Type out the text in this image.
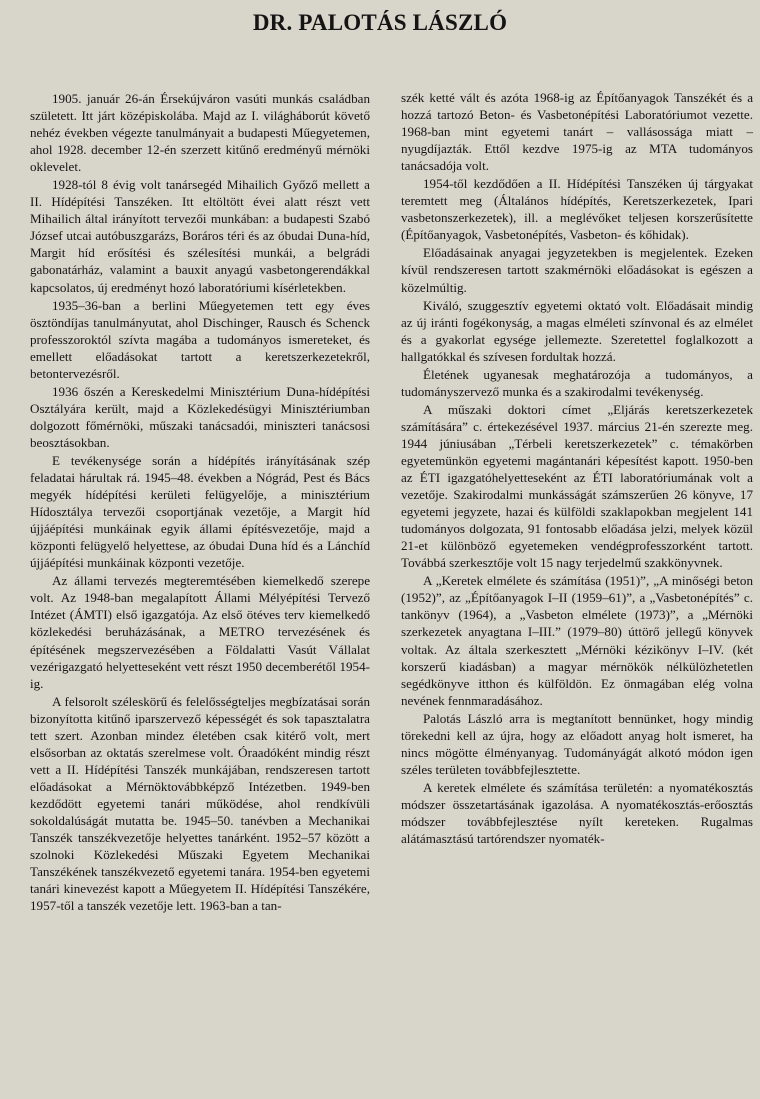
DR. PALOTÁS LÁSZLÓ

1905. január 26-án Érsekújváron vasúti munkás családban született. Itt járt középiskolába. Majd az I. világháborút követő nehéz években végezte tanulmányait a budapesti Műegyetemen, ahol 1928. december 12-én szerzett kitűnő eredményű mérnöki oklevelet.

1928-tól 8 évig volt tanársegéd Mihailich Győző mellett a II. Hídépítési Tanszéken. Itt eltöltött évei alatt részt vett Mihailich által irányított tervezői munkában: a budapesti Szabó József utcai autóbuszgarázs, Boráros téri és az óbudai Duna-híd, Margit híd erősítési és szélesítési munkái, a belgrádi gabonatárház, valamint a bauxit anyagú vasbetongerendákkal kapcsolatos, új eredményt hozó laboratóriumi kísérletekben.

1935–36-ban a berlini Műegyetemen tett egy éves ösztöndíjas tanulmányutat, ahol Dischinger, Rausch és Schenck professzoroktól szívta magába a tudományos ismereteket, és emellett előadásokat tartott a keretszerkezetekről, betontervezésről.

1936 őszén a Kereskedelmi Minisztérium Duna-hídépítési Osztályára került, majd a Közlekedésügyi Minisztériumban dolgozott főmérnöki, műszaki tanácsadói, miniszteri tanácsosi beosztásokban.

E tevékenysége során a hídépítés irányításának szép feladatai hárultak rá. 1945–48. években a Nógrád, Pest és Bács megyék hídépítési kerületi felügyelője, a minisztérium Hídosztálya tervezői csoportjának vezetője, a Margit híd újjáépítési munkáinak egyik állami építésvezetője, majd a központi felügyelő helyettese, az óbudai Duna híd és a Lánchíd újjáépítési munkáinak központi vezetője.

Az állami tervezés megteremtésében kiemelkedő szerepe volt. Az 1948-ban megalapított Állami Mélyépítési Tervező Intézet (ÁMTI) első igazgatója. Az első ötéves terv kiemelkedő közlekedési beruházásának, a METRO tervezésének és építésének megszervezésében a Földalatti Vasút Vállalat vezérigazgató helyetteseként vett részt 1950 decemberétől 1954-ig.

A felsorolt széleskörű és felelősségteljes megbízatásai során bizonyította kitűnő iparszervező képességét és sok tapasztalatra tett szert. Azonban mindez életében csak kitérő volt, mert elsősorban az oktatás szerelmese volt. Óraadóként mindig részt vett a II. Hídépítési Tanszék munkájában, rendszeresen tartott előadásokat a Mérnöktovábbképző Intézetben. 1949-ben kezdődött egyetemi tanári működése, ahol rendkívüli sokoldalúságát mutatta be. 1945–50. tanévben a Mechanikai Tanszék tanszékvezetője helyettes tanárként. 1952–57 között a szolnoki Közlekedési Műszaki Egyetem Mechanikai Tanszékének tanszékvezető egyetemi tanára. 1954-ben egyetemi tanári kinevezést kapott a Műegyetem II. Hídépítési Tanszékére, 1957-től a tanszék vezetője lett. 1963-ban a tan-

szék ketté vált és azóta 1968-ig az Építőanyagok Tanszékét és a hozzá tartozó Beton- és Vasbetonépítési Laboratóriumot vezette. 1968-ban mint egyetemi tanárt – vallásossága miatt – nyugdíjazták. Ettől kezdve 1975-ig az MTA tudományos tanácsadója volt.

1954-től kezdődően a II. Hídépítési Tanszéken új tárgyakat teremtett meg (Általános hídépítés, Keretszerkezetek, Ipari vasbetonszerkezetek), ill. a meglévőket teljesen korszerűsítette (Építőanyagok, Vasbetonépítés, Vasbeton- és kőhidak).

Előadásainak anyagai jegyzetekben is megjelentek. Ezeken kívül rendszeresen tartott szakmérnöki előadásokat is egészen a közelmúltig.

Kiváló, szuggesztív egyetemi oktató volt. Előadásait mindig az új iránti fogékonyság, a magas elméleti színvonal és az elmélet és a gyakorlat egysége jellemezte. Szeretettel foglalkozott a hallgatókkal és szívesen fordultak hozzá.

Életének ugyanesak meghatározója a tudományos, a tudományszervező munka és a szakirodalmi tevékenység.

A műszaki doktori címet „Eljárás keretszerkezetek számítására” c. értekezésével 1937. március 21-én szerezte meg. 1944 júniusában „Térbeli keretszerkezetek” c. témakörben egyetemünkön egyetemi magántanári képesítést kapott. 1950-ben az ÉTI igazgatóhelyetteseként az ÉTI laboratóriumának volt a vezetője. Szakirodalmi munkásságát számszerűen 26 könyve, 17 egyetemi jegyzete, hazai és külföldi szaklapokban megjelent 141 tudományos dolgozata, 91 fontosabb előadása jelzi, melyek közül 21-et különböző egyetemeken vendégprofesszorként tartott. Továbbá szerkesztője volt 15 nagy terjedelmű szakkönyvnek.

A „Keretek elmélete és számítása (1951)”, „A minőségi beton (1952)”, az „Építőanyagok I–II (1959–61)”, a „Vasbetonépítés” c. tankönyv (1964), a „Vasbeton elmélete (1973)”, a „Mérnöki szerkezetek anyagtana I–III.” (1979–80) úttörő jellegű könyvek voltak. Az általa szerkesztett „Mérnöki kézikönyv I–IV. (két korszerű kiadásban) a magyar mérnökök nélkülözhetetlen segédkönyve itthon és külföldön. Ez önmagában elég volna nevének fennmaradásához.

Palotás László arra is megtanított bennünket, hogy mindig törekedni kell az újra, hogy az előadott anyag holt ismeret, ha nincs mögötte élményanyag. Tudományágát alkotó módon igen széles területen továbbfejlesztette.

A keretek elmélete és számítása területén: a nyomatékosztás módszer összetartásának igazolása. A nyomatékosztás-erőosztás módszer továbbfejlesztése nyílt kereteken. Rugalmas alátámasztású tartórendszer nyomaték-
